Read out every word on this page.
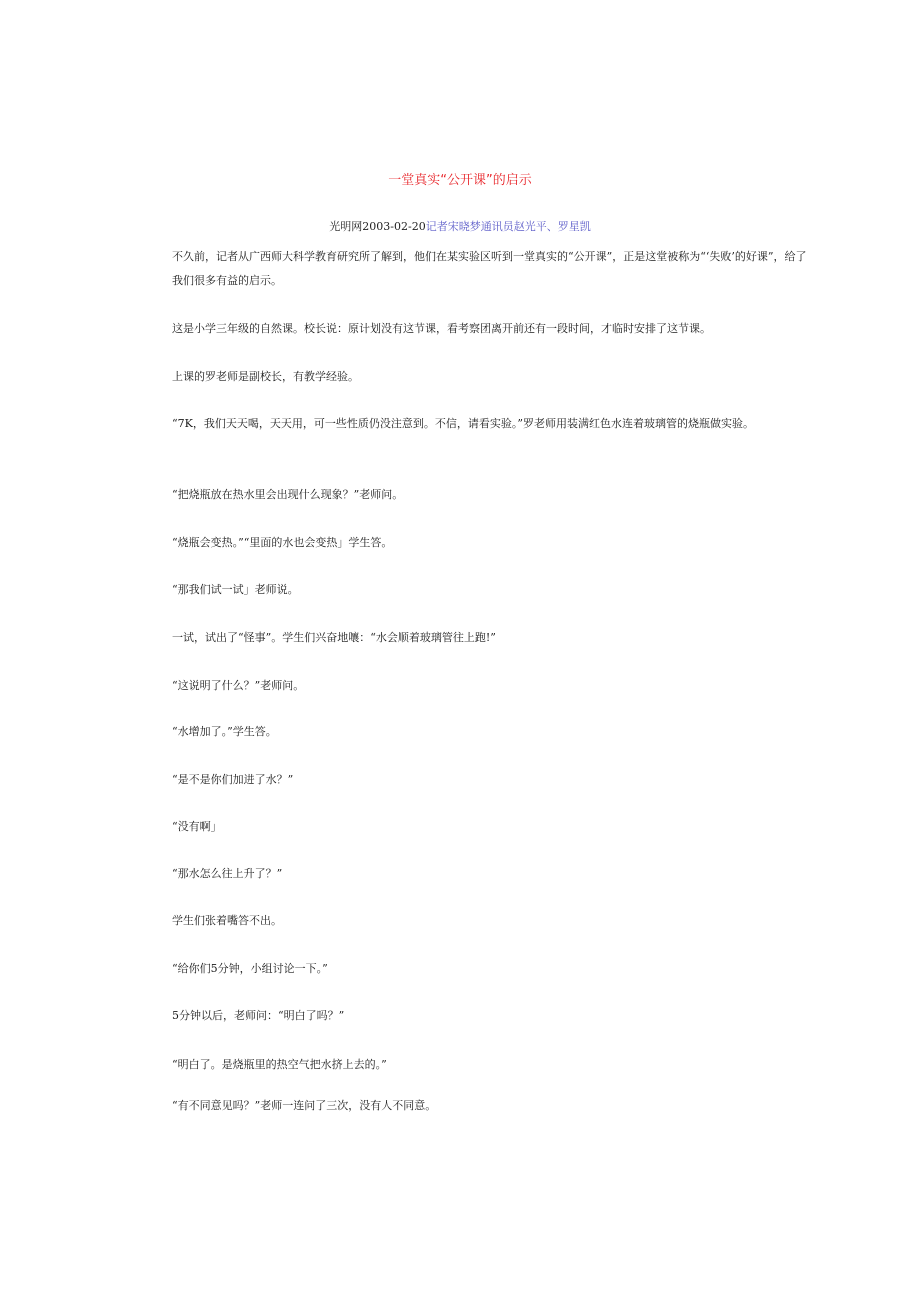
一堂真实“公开课”的启示
光明网2003-02-20记者宋晓梦通讯员赵光平、罗星凯
不久前，记者从广西师大科学教育研究所了解到，他们在某实验区听到一堂真实的“公开课”，正是这堂被称为“‘失败’的好课”，给了我们很多有益的启示。
这是小学三年级的自然课。校长说：原计划没有这节课，看考察团离开前还有一段时间，才临时安排了这节课。
上课的罗老师是副校长，有教学经验。
“7K，我们天天喝，天天用，可一些性质仍没注意到。不信，请看实验。”罗老师用装满红色水连着玻璃管的烧瓶做实验。
“把烧瓶放在热水里会出现什么现象？”老师问。
“烧瓶会变热。”“里面的水也会变热」学生答。
“那我们试一试」老师说。
一试，试出了“怪事”。学生们兴奋地嚷：“水会顺着玻璃管往上跑!”
“这说明了什么？”老师问。
“水增加了。”学生答。
“是不是你们加进了水？”
“没有啊」
“那水怎么往上升了？”
学生们张着嘴答不出。
“给你们5分钟，小组讨论一下。”
5分钟以后，老师问：“明白了吗？”
“明白了。是烧瓶里的热空气把水挤上去的。”
“有不同意见吗？”老师一连问了三次，没有人不同意。
